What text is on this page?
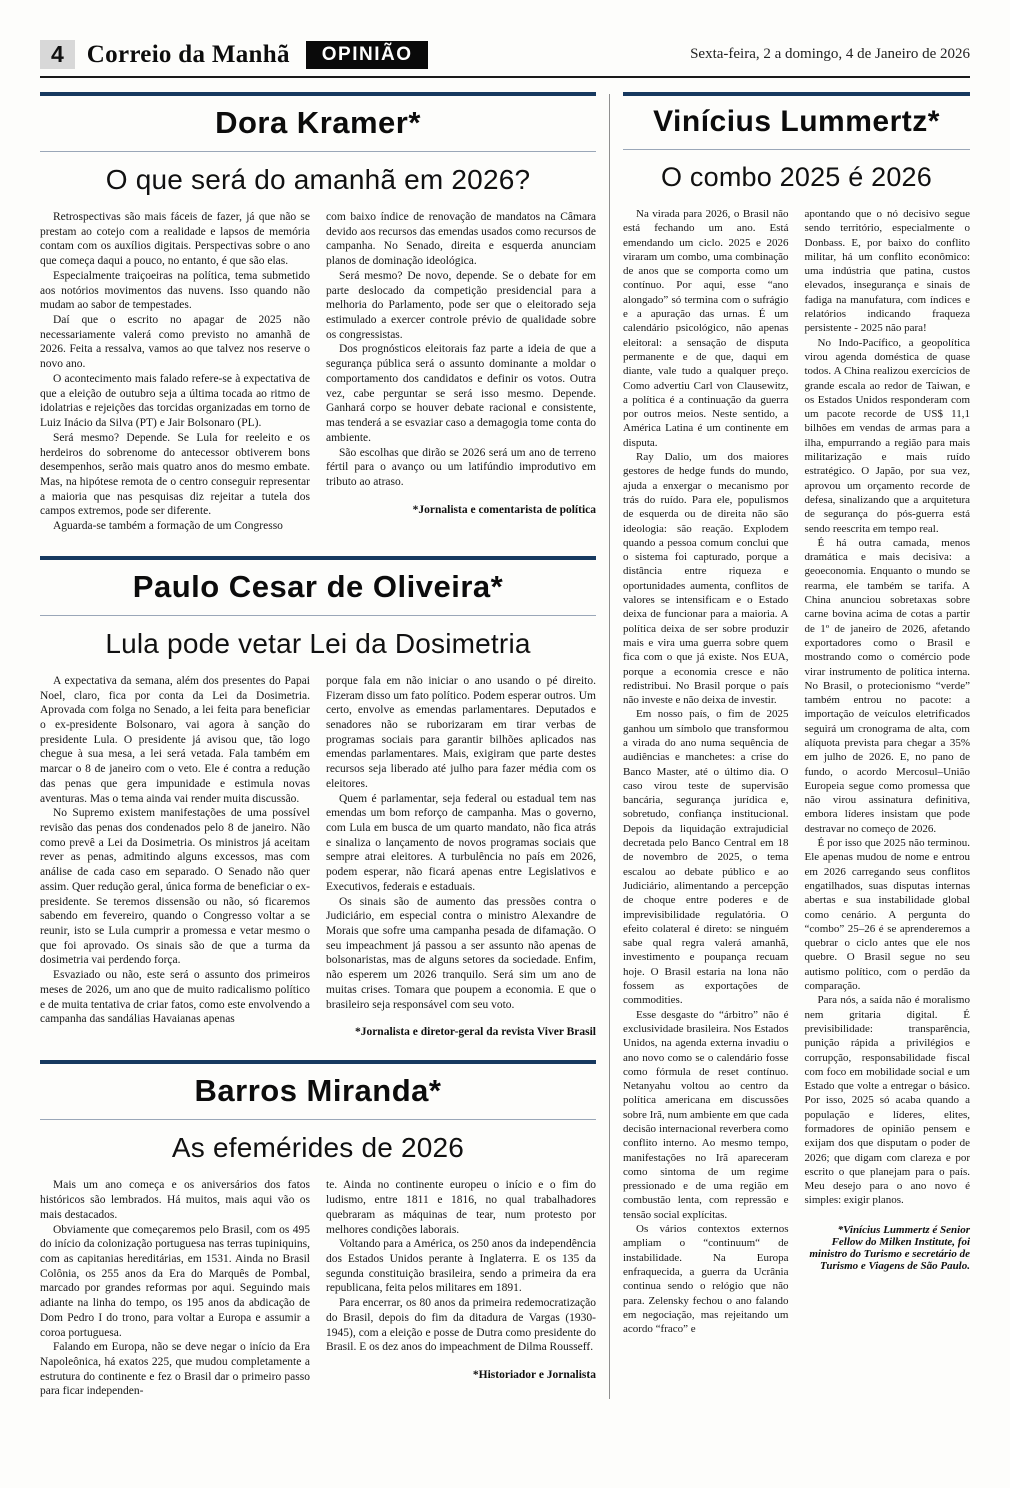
4 Correio da Manhã	OPINIÃO	Sexta-feira, 2 a domingo, 4 de Janeiro de 2026
Dora Kramer*
O que será do amanhã em 2026?

Retrospectivas são mais fáceis de fazer, já que não se prestam ao cotejo com a realidade e lapsos de memória contam com os auxílios digitais. Perspectivas sobre o ano que começa daqui a pouco, no entanto, é que são elas.

Especialmente traiçoeiras na política, tema submetido aos notórios movimentos das nuvens. Isso quando não mudam ao sabor de tempestades.

Daí que o escrito no apagar de 2025 não necessariamente valerá como previsto no amanhã de 2026. Feita a ressalva, vamos ao que talvez nos reserve o novo ano.

O acontecimento mais falado refere-se à expectativa de que a eleição de outubro seja a última tocada ao ritmo de idolatrias e rejeições das torcidas organizadas em torno de Luiz Inácio da Silva (PT) e Jair Bolsonaro (PL).

Será mesmo? Depende. Se Lula for reeleito e os herdeiros do sobrenome do antecessor obtiverem bons desempenhos, serão mais quatro anos do mesmo embate. Mas, na hipótese remota de o centro conseguir representar a maioria que nas pesquisas diz rejeitar a tutela dos campos extremos, pode ser diferente.

Aguarda-se também a formação de um Congresso

com baixo índice de renovação de mandatos na Câmara devido aos recursos das emendas usados como recursos de campanha. No Senado, direita e esquerda anunciam planos de dominação ideológica.

Será mesmo? De novo, depende. Se o debate for em parte deslocado da competição presidencial para a melhoria do Parlamento, pode ser que o eleitorado seja estimulado a exercer controle prévio de qualidade sobre os congressistas.

Dos prognósticos eleitorais faz parte a ideia de que a segurança pública será o assunto dominante a moldar o comportamento dos candidatos e definir os votos. Outra vez, cabe perguntar se será isso mesmo. Depende. Ganhará corpo se houver debate racional e consistente, mas tenderá a se esvaziar caso a demagogia tome conta do ambiente.

São escolhas que dirão se 2026 será um ano de terreno fértil para o avanço ou um latifúndio improdutivo em tributo ao atraso.

*Jornalista e comentarista de política
Paulo Cesar de Oliveira*
Lula pode vetar Lei da Dosimetria

A expectativa da semana, além dos presentes do Papai Noel, claro, fica por conta da Lei da Dosimetria. Aprovada com folga no Senado, a lei feita para beneficiar o ex-presidente Bolsonaro, vai agora à sanção do presidente Lula. O presidente já avisou que, tão logo chegue à sua mesa, a lei será vetada. Fala também em marcar o 8 de janeiro com o veto. Ele é contra a redução das penas que gera impunidade e estimula novas aventuras. Mas o tema ainda vai render muita discussão.

No Supremo existem manifestações de uma possível revisão das penas dos condenados pelo 8 de janeiro. Não como prevê a Lei da Dosimetria. Os ministros já aceitam rever as penas, admitindo alguns excessos, mas com análise de cada caso em separado. O Senado não quer assim. Quer redução geral, única forma de beneficiar o ex-presidente. Se teremos dissensão ou não, só ficaremos sabendo em fevereiro, quando o Congresso voltar a se reunir, isto se Lula cumprir a promessa e vetar mesmo o que foi aprovado. Os sinais são de que a turma da dosimetria vai perdendo força.

Esvaziado ou não, este será o assunto dos primeiros meses de 2026, um ano que de muito radicalismo político e de muita tentativa de criar fatos, como este envolvendo a campanha das sandálias Havaianas apenas

porque fala em não iniciar o ano usando o pé direito. Fizeram disso um fato político. Podem esperar outros. Um certo, envolve as emendas parlamentares. Deputados e senadores não se ruborizaram em tirar verbas de programas sociais para garantir bilhões aplicados nas emendas parlamentares. Mais, exigiram que parte destes recursos seja liberado até julho para fazer média com os eleitores.

Quem é parlamentar, seja federal ou estadual tem nas emendas um bom reforço de campanha. Mas o governo, com Lula em busca de um quarto mandato, não fica atrás e sinaliza o lançamento de novos programas sociais que sempre atrai eleitores. A turbulência no país em 2026, podem esperar, não ficará apenas entre Legislativos e Executivos, federais e estaduais.

Os sinais são de aumento das pressões contra o Judiciário, em especial contra o ministro Alexandre de Morais que sofre uma campanha pesada de difamação. O seu impeachment já passou a ser assunto não apenas de bolsonaristas, mas de alguns setores da sociedade. Enfim, não esperem um 2026 tranquilo. Será sim um ano de muitas crises. Tomara que poupem a economia. E que o brasileiro seja responsável com seu voto.

*Jornalista e diretor-geral da revista Viver Brasil
Barros Miranda*
As efemérides de 2026

Mais um ano começa e os aniversários dos fatos históricos são lembrados. Há muitos, mais aqui vão os mais destacados.

Obviamente que começaremos pelo Brasil, com os 495 do início da colonização portuguesa nas terras tupiniquins, com as capitanias hereditárias, em 1531. Ainda no Brasil Colônia, os 255 anos da Era do Marquês de Pombal, marcado por grandes reformas por aqui. Seguindo mais adiante na linha do tempo, os 195 anos da abdicação de Dom Pedro I do trono, para voltar a Europa e assumir a coroa portuguesa.

Falando em Europa, não se deve negar o início da Era Napoleônica, há exatos 225, que mudou completamente a estrutura do continente e fez o Brasil dar o primeiro passo para ficar independen-

te. Ainda no continente europeu o início e o fim do ludismo, entre 1811 e 1816, no qual trabalhadores quebraram as máquinas de tear, num protesto por melhores condições laborais.

Voltando para a América, os 250 anos da independência dos Estados Unidos perante à Inglaterra. E os 135 da segunda constituição brasileira, sendo a primeira da era republicana, feita pelos militares em 1891.

Para encerrar, os 80 anos da primeira redemocratização do Brasil, depois do fim da ditadura de Vargas (1930-1945), com a eleição e posse de Dutra como presidente do Brasil. E os dez anos do impeachment de Dilma Rousseff.

*Historiador e Jornalista
Vinícius Lummertz*
O combo 2025 é 2026

Na virada para 2026, o Brasil não está fechando um ano. Está emendando um ciclo. 2025 e 2026 viraram um combo, uma combinação de anos que se comporta como um contínuo. Por aqui, esse “ano alongado” só termina com o sufrágio e a apuração das urnas. É um calendário psicológico, não apenas eleitoral: a sensação de disputa permanente e de que, daqui em diante, vale tudo a qualquer preço. Como advertiu Carl von Clausewitz, a política é a continuação da guerra por outros meios. Neste sentido, a América Latina é um continente em disputa.

Ray Dalio, um dos maiores gestores de hedge funds do mundo, ajuda a enxergar o mecanismo por trás do ruído. Para ele, populismos de esquerda ou de direita não são ideologia: são reação. Explodem quando a pessoa comum conclui que o sistema foi capturado, porque a distância entre riqueza e oportunidades aumenta, conflitos de valores se intensificam e o Estado deixa de funcionar para a maioria. A política deixa de ser sobre produzir mais e vira uma guerra sobre quem fica com o que já existe. Nos EUA, porque a economia cresce e não redistribui. No Brasil porque o país não investe e não deixa de investir.

Em nosso país, o fim de 2025 ganhou um símbolo que transformou a virada do ano numa sequência de audiências e manchetes: a crise do Banco Master, até o último dia. O caso virou teste de supervisão bancária, segurança jurídica e, sobretudo, confiança institucional. Depois da liquidação extrajudicial decretada pelo Banco Central em 18 de novembro de 2025, o tema escalou ao debate público e ao Judiciário, alimentando a percepção de choque entre poderes e de imprevisibilidade regulatória. O efeito colateral é direto: se ninguém sabe qual regra valerá amanhã, investimento e poupança recuam hoje. O Brasil estaria na lona não fossem as exportações de commodities.

Esse desgaste do “árbitro” não é exclusividade brasileira. Nos Estados Unidos, na agenda externa invadiu o ano novo como se o calendário fosse como fórmula de reset contínuo. Netanyahu voltou ao centro da política americana em discussões sobre Irã, num ambiente em que cada decisão internacional reverbera como conflito interno. Ao mesmo tempo, manifestações no Irã apareceram como sintoma de um regime pressionado e de uma região em combustão lenta, com repressão e tensão social explícitas.

Os vários contextos externos ampliam o “continuum“ de instabilidade. Na Europa enfraquecida, a guerra da Ucrânia continua sendo o relógio que não para. Zelensky fechou o ano falando em negociação, mas rejeitando um acordo “fraco” e

apontando que o nó decisivo segue sendo território, especialmente o Donbass. E, por baixo do conflito militar, há um conflito econômico: uma indústria que patina, custos elevados, insegurança e sinais de fadiga na manufatura, com índices e relatórios indicando fraqueza persistente - 2025 não para!

No Indo-Pacífico, a geopolítica virou agenda doméstica de quase todos. A China realizou exercícios de grande escala ao redor de Taiwan, e os Estados Unidos responderam com um pacote recorde de US$ 11,1 bilhões em vendas de armas para a ilha, empurrando a região para mais militarização e mais ruído estratégico. O Japão, por sua vez, aprovou um orçamento recorde de defesa, sinalizando que a arquitetura de segurança do pós-guerra está sendo reescrita em tempo real.

É há outra camada, menos dramática e mais decisiva: a geoeconomia. Enquanto o mundo se rearma, ele também se tarifa. A China anunciou sobretaxas sobre carne bovina acima de cotas a partir de 1º de janeiro de 2026, afetando exportadores como o Brasil e mostrando como o comércio pode virar instrumento de política interna. No Brasil, o protecionismo “verde” também entrou no pacote: a importação de veículos eletrificados seguirá um cronograma de alta, com alíquota prevista para chegar a 35% em julho de 2026. E, no pano de fundo, o acordo Mercosul–União Europeia segue como promessa que não virou assinatura definitiva, embora líderes insistam que pode destravar no começo de 2026.

É por isso que 2025 não terminou. Ele apenas mudou de nome e entrou em 2026 carregando seus conflitos engatilhados, suas disputas internas abertas e sua instabilidade global como cenário. A pergunta do “combo” 25–26 é se aprenderemos a quebrar o ciclo antes que ele nos quebre. O Brasil segue no seu autismo político, com o perdão da comparação.

Para nós, a saída não é moralismo nem gritaria digital. É previsibilidade: transparência, punição rápida a privilégios e corrupção, responsabilidade fiscal com foco em mobilidade social e um Estado que volte a entregar o básico. Por isso, 2025 só acaba quando a população e líderes, elites, formadores de opinião pensem e exijam dos que disputam o poder de 2026; que digam com clareza e por escrito o que planejam para o país. Meu desejo para o ano novo é simples: exigir planos.

*Vinícius Lummertz é Senior Fellow do Milken Institute, foi ministro do Turismo e secretário de Turismo e Viagens de São Paulo.
